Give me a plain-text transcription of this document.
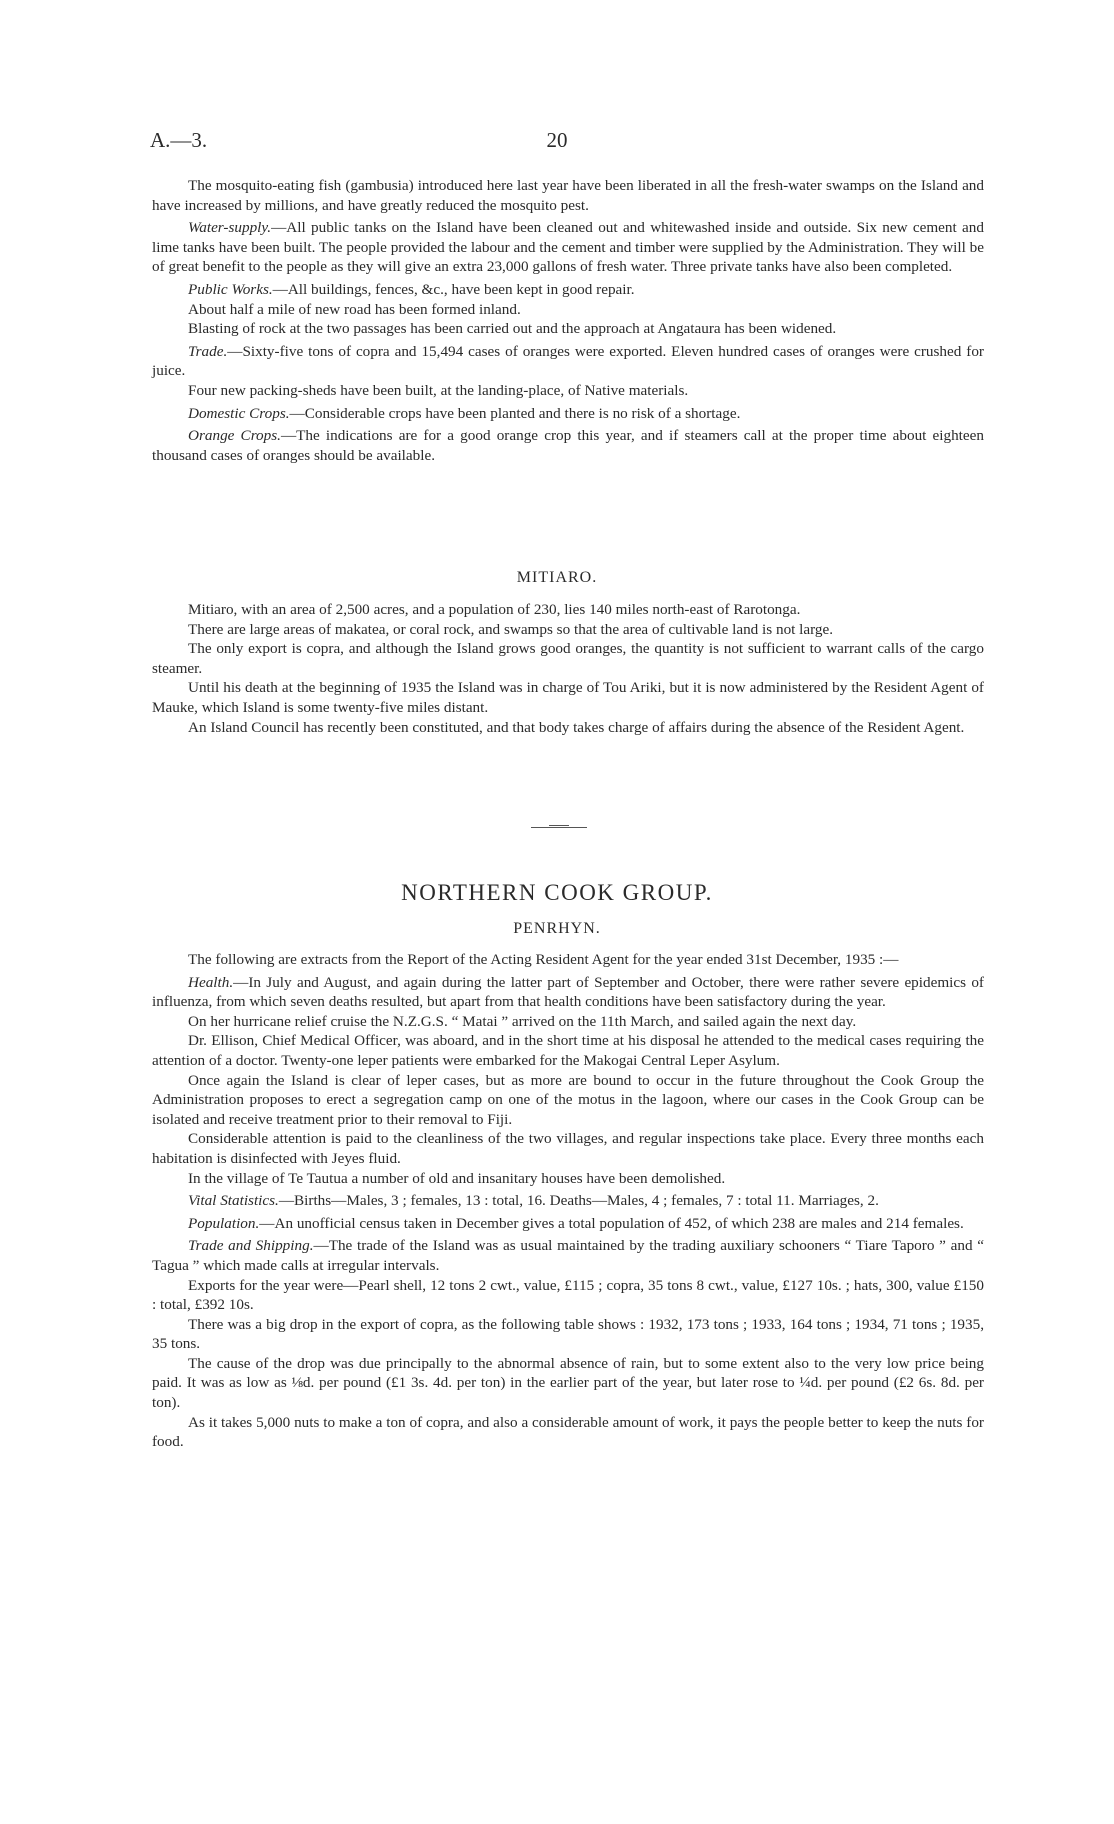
A.—3.	20

The mosquito-eating fish (gambusia) introduced here last year have been liberated in all the fresh-water swamps on the Island and have increased by millions, and have greatly reduced the mosquito pest.

Water-supply.—All public tanks on the Island have been cleaned out and whitewashed inside and outside. Six new cement and lime tanks have been built. The people provided the labour and the cement and timber were supplied by the Administration. They will be of great benefit to the people as they will give an extra 23,000 gallons of fresh water. Three private tanks have also been completed.

Public Works.—All buildings, fences, &c., have been kept in good repair.

About half a mile of new road has been formed inland.

Blasting of rock at the two passages has been carried out and the approach at Angataura has been widened.

Trade.—Sixty-five tons of copra and 15,494 cases of oranges were exported. Eleven hundred cases of oranges were crushed for juice.

Four new packing-sheds have been built, at the landing-place, of Native materials.

Domestic Crops.—Considerable crops have been planted and there is no risk of a shortage.

Orange Crops.—The indications are for a good orange crop this year, and if steamers call at the proper time about eighteen thousand cases of oranges should be available.

MITIARO.

Mitiaro, with an area of 2,500 acres, and a population of 230, lies 140 miles north-east of Rarotonga.

There are large areas of makatea, or coral rock, and swamps so that the area of cultivable land is not large.

The only export is copra, and although the Island grows good oranges, the quantity is not sufficient to warrant calls of the cargo steamer.

Until his death at the beginning of 1935 the Island was in charge of Tou Ariki, but it is now administered by the Resident Agent of Mauke, which Island is some twenty-five miles distant.

An Island Council has recently been constituted, and that body takes charge of affairs during the absence of the Resident Agent.

NORTHERN COOK GROUP.
PENRHYN.

The following are extracts from the Report of the Acting Resident Agent for the year ended 31st December, 1935 :—

Health.—In July and August, and again during the latter part of September and October, there were rather severe epidemics of influenza, from which seven deaths resulted, but apart from that health conditions have been satisfactory during the year.

On her hurricane relief cruise the N.Z.G.S. “ Matai ” arrived on the 11th March, and sailed again the next day.

Dr. Ellison, Chief Medical Officer, was aboard, and in the short time at his disposal he attended to the medical cases requiring the attention of a doctor. Twenty-one leper patients were embarked for the Makogai Central Leper Asylum.

Once again the Island is clear of leper cases, but as more are bound to occur in the future throughout the Cook Group the Administration proposes to erect a segregation camp on one of the motus in the lagoon, where our cases in the Cook Group can be isolated and receive treatment prior to their removal to Fiji.

Considerable attention is paid to the cleanliness of the two villages, and regular inspections take place. Every three months each habitation is disinfected with Jeyes fluid.

In the village of Te Tautua a number of old and insanitary houses have been demolished.

Vital Statistics.—Births—Males, 3 ; females, 13 : total, 16. Deaths—Males, 4 ; females, 7 : total 11. Marriages, 2.

Population.—An unofficial census taken in December gives a total population of 452, of which 238 are males and 214 females.

Trade and Shipping.—The trade of the Island was as usual maintained by the trading auxiliary schooners “ Tiare Taporo ” and “ Tagua ” which made calls at irregular intervals.

Exports for the year were—Pearl shell, 12 tons 2 cwt., value, £115 ; copra, 35 tons 8 cwt., value, £127 10s. ; hats, 300, value £150 : total, £392 10s.

There was a big drop in the export of copra, as the following table shows : 1932, 173 tons ; 1933, 164 tons ; 1934, 71 tons ; 1935, 35 tons.

The cause of the drop was due principally to the abnormal absence of rain, but to some extent also to the very low price being paid. It was as low as ⅛d. per pound (£1 3s. 4d. per ton) in the earlier part of the year, but later rose to ¼d. per pound (£2 6s. 8d. per ton).

As it takes 5,000 nuts to make a ton of copra, and also a considerable amount of work, it pays the people better to keep the nuts for food.
